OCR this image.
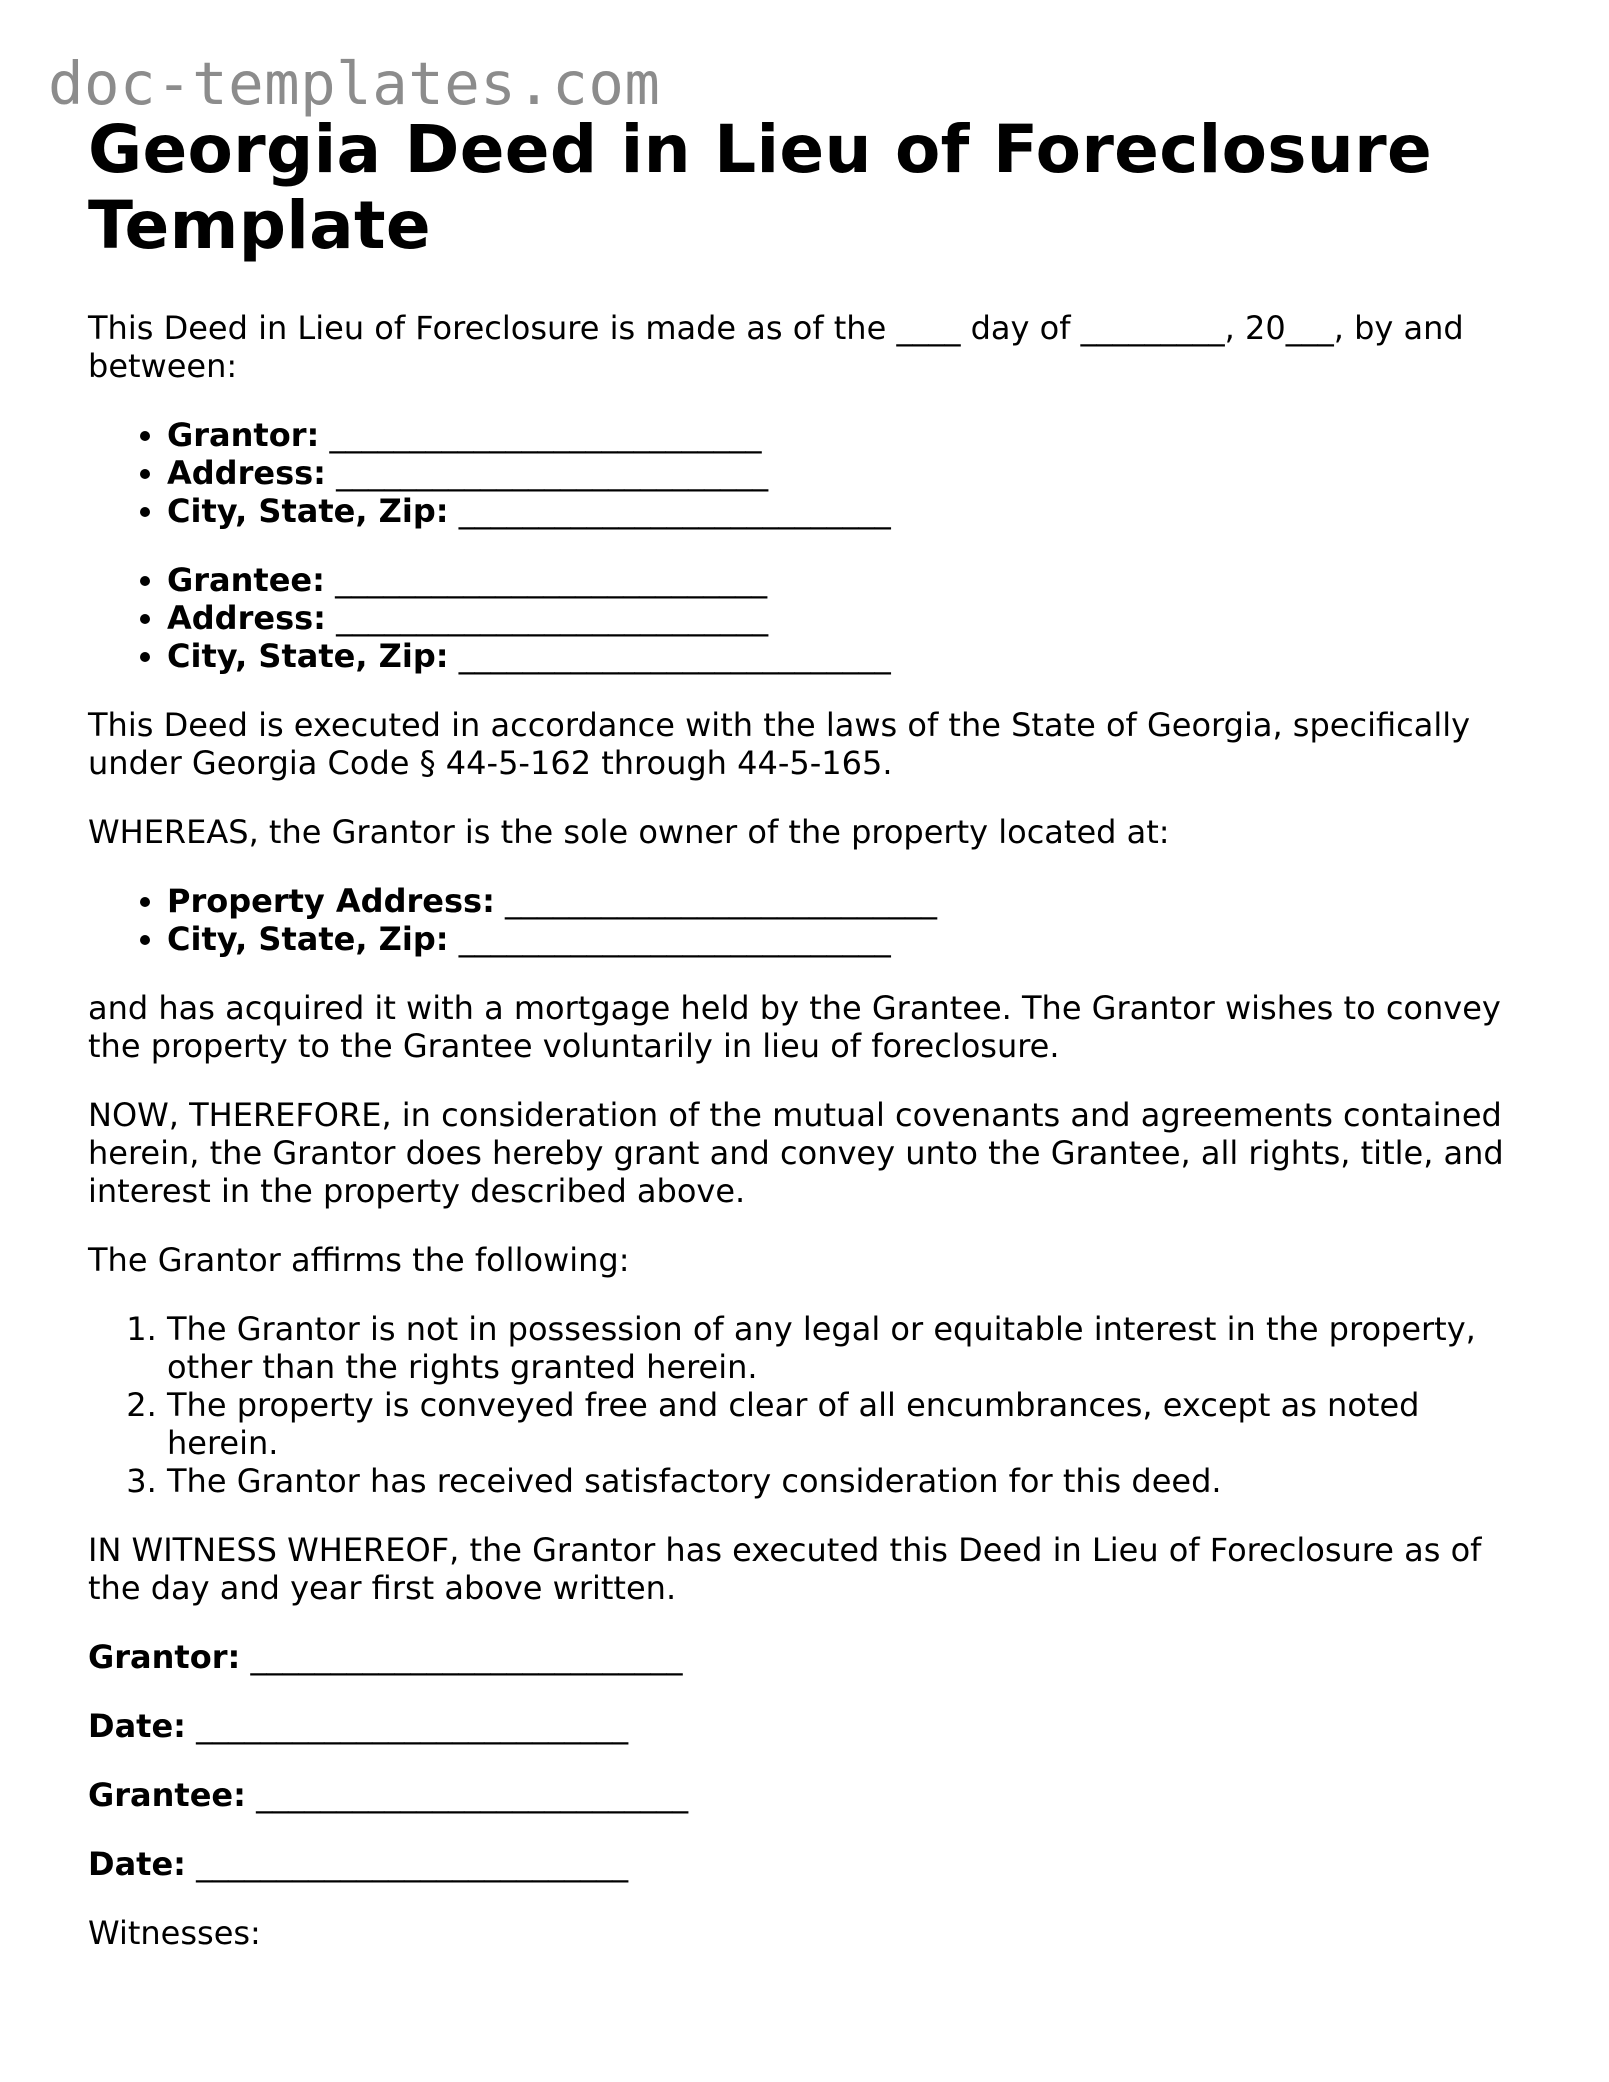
doc-templates.com
Georgia Deed in Lieu of Foreclosure Template

This Deed in Lieu of Foreclosure is made as of the ____ day of _________, 20___, by and between:

• Grantor: ___________________________
• Address: ___________________________
• City, State, Zip: ___________________________
• Grantee: ___________________________
• Address: ___________________________
• City, State, Zip: ___________________________

This Deed is executed in accordance with the laws of the State of Georgia, specifically under Georgia Code § 44-5-162 through 44-5-165.

WHEREAS, the Grantor is the sole owner of the property located at:

• Property Address: ___________________________
• City, State, Zip: ___________________________

and has acquired it with a mortgage held by the Grantee. The Grantor wishes to convey the property to the Grantee voluntarily in lieu of foreclosure.

NOW, THEREFORE, in consideration of the mutual covenants and agreements contained herein, the Grantor does hereby grant and convey unto the Grantee, all rights, title, and interest in the property described above.

The Grantor affirms the following:

1. The Grantor is not in possession of any legal or equitable interest in the property, other than the rights granted herein.
2. The property is conveyed free and clear of all encumbrances, except as noted herein.
3. The Grantor has received satisfactory consideration for this deed.

IN WITNESS WHEREOF, the Grantor has executed this Deed in Lieu of Foreclosure as of the day and year first above written.

Grantor: ___________________________

Date: ___________________________

Grantee: ___________________________

Date: ___________________________

Witnesses:
